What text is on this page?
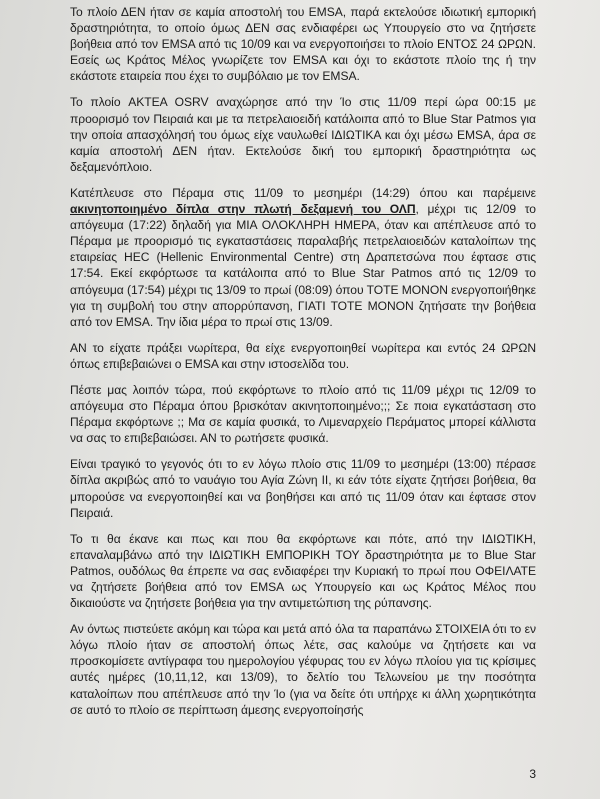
Το πλοίο ΔΕΝ ήταν σε καμία αποστολή του EMSA, παρά εκτελούσε ιδιωτική εμπορική δραστηριότητα, το οποίο όμως ΔΕΝ σας ενδιαφέρει ως Υπουργείο στο να ζητήσετε βοήθεια από τον EMSA από τις 10/09 και να ενεργοποιήσει το πλοίο ΕΝΤΟΣ 24 ΩΡΩΝ. Εσείς ως Κράτος Μέλος γνωρίζετε τον EMSA και όχι το εκάστοτε πλοίο της ή την εκάστοτε εταιρεία που έχει το συμβόλαιο με τον EMSA.

Το πλοίο AKTEA OSRV αναχώρησε από την Ίο στις 11/09 περί ώρα 00:15 με προορισμό τον Πειραιά και με τα πετρελαιοειδή κατάλοιπα από το Blue Star Patmos για την οποία απασχόλησή του όμως είχε ναυλωθεί ΙΔΙΩΤΙΚΑ και όχι μέσω EMSA, άρα σε καμία αποστολή ΔΕΝ ήταν. Εκτελούσε δική του εμπορική δραστηριότητα ως δεξαμενόπλοιο.

Κατέπλευσε στο Πέραμα στις 11/09 το μεσημέρι (14:29) όπου και παρέμεινε ακινητοποιημένο δίπλα στην πλωτή δεξαμενή του ΟΛΠ, μέχρι τις 12/09 το απόγευμα (17:22) δηλαδή για ΜΙΑ ΟΛΟΚΛΗΡΗ ΗΜΕΡΑ, όταν και απέπλευσε από το Πέραμα με προορισμό τις εγκαταστάσεις παραλαβής πετρελαιοειδών καταλοίπων της εταιρείας HEC (Hellenic Environmental Centre) στη Δραπετσώνα που έφτασε στις 17:54. Εκεί εκφόρτωσε τα κατάλοιπα από το Blue Star Patmos από τις 12/09 το απόγευμα (17:54) μέχρι τις 13/09 το πρωί (08:09) όπου ΤΟΤΕ ΜΟΝΟΝ ενεργοποιήθηκε για τη συμβολή του στην απορρύπανση, ΓΙΑΤΙ ΤΟΤΕ ΜΟΝΟΝ ζητήσατε την βοήθεια από τον EMSA. Την ίδια μέρα το πρωί στις 13/09.

ΑΝ το είχατε πράξει νωρίτερα, θα είχε ενεργοποιηθεί νωρίτερα και εντός 24 ΩΡΩΝ όπως επιβεβαιώνει ο EMSA και στην ιστοσελίδα του.

Πέστε μας λοιπόν τώρα, πού εκφόρτωνε το πλοίο από τις 11/09 μέχρι τις 12/09 το απόγευμα στο Πέραμα όπου βρισκόταν ακινητοποιημένο;;; Σε ποια εγκατάσταση στο Πέραμα εκφόρτωνε ;; Μα σε καμία φυσικά, το Λιμεναρχείο Περάματος μπορεί κάλλιστα να σας το επιβεβαιώσει. ΑΝ το ρωτήσετε φυσικά.

Είναι τραγικό το γεγονός ότι το εν λόγω πλοίο στις 11/09 το μεσημέρι (13:00) πέρασε δίπλα ακριβώς από το ναυάγιο του Αγία Ζώνη ΙΙ, κι εάν τότε είχατε ζητήσει βοήθεια, θα μπορούσε να ενεργοποιηθεί και να βοηθήσει και από τις 11/09 όταν και έφτασε στον Πειραιά.

Το τι θα έκανε και πως και που θα εκφόρτωνε και πότε, από την ΙΔΙΩΤΙΚΗ, επαναλαμβάνω από την ΙΔΙΩΤΙΚΗ ΕΜΠΟΡΙΚΗ ΤΟΥ δραστηριότητα με το Blue Star Patmos, ουδόλως θα έπρεπε να σας ενδιαφέρει την Κυριακή το πρωί που ΟΦΕΙΛΑΤΕ να ζητήσετε βοήθεια από τον EMSA ως Υπουργείο και ως Κράτος Μέλος που δικαιούστε να ζητήσετε βοήθεια για την αντιμετώπιση της ρύπανσης.

Αν όντως πιστεύετε ακόμη και τώρα και μετά από όλα τα παραπάνω ΣΤΟΙΧΕΙΑ ότι το εν λόγω πλοίο ήταν σε αποστολή όπως λέτε, σας καλούμε να ζητήσετε και να προσκομίσετε αντίγραφα του ημερολογίου γέφυρας του εν λόγω πλοίου για τις κρίσιμες αυτές ημέρες (10,11,12, και 13/09), το δελτίο του Τελωνείου με την ποσότητα καταλοίπων που απέπλευσε από την Ίο (για να δείτε ότι υπήρχε κι άλλη χωρητικότητα σε αυτό το πλοίο σε περίπτωση άμεσης ενεργοποίησής

3
